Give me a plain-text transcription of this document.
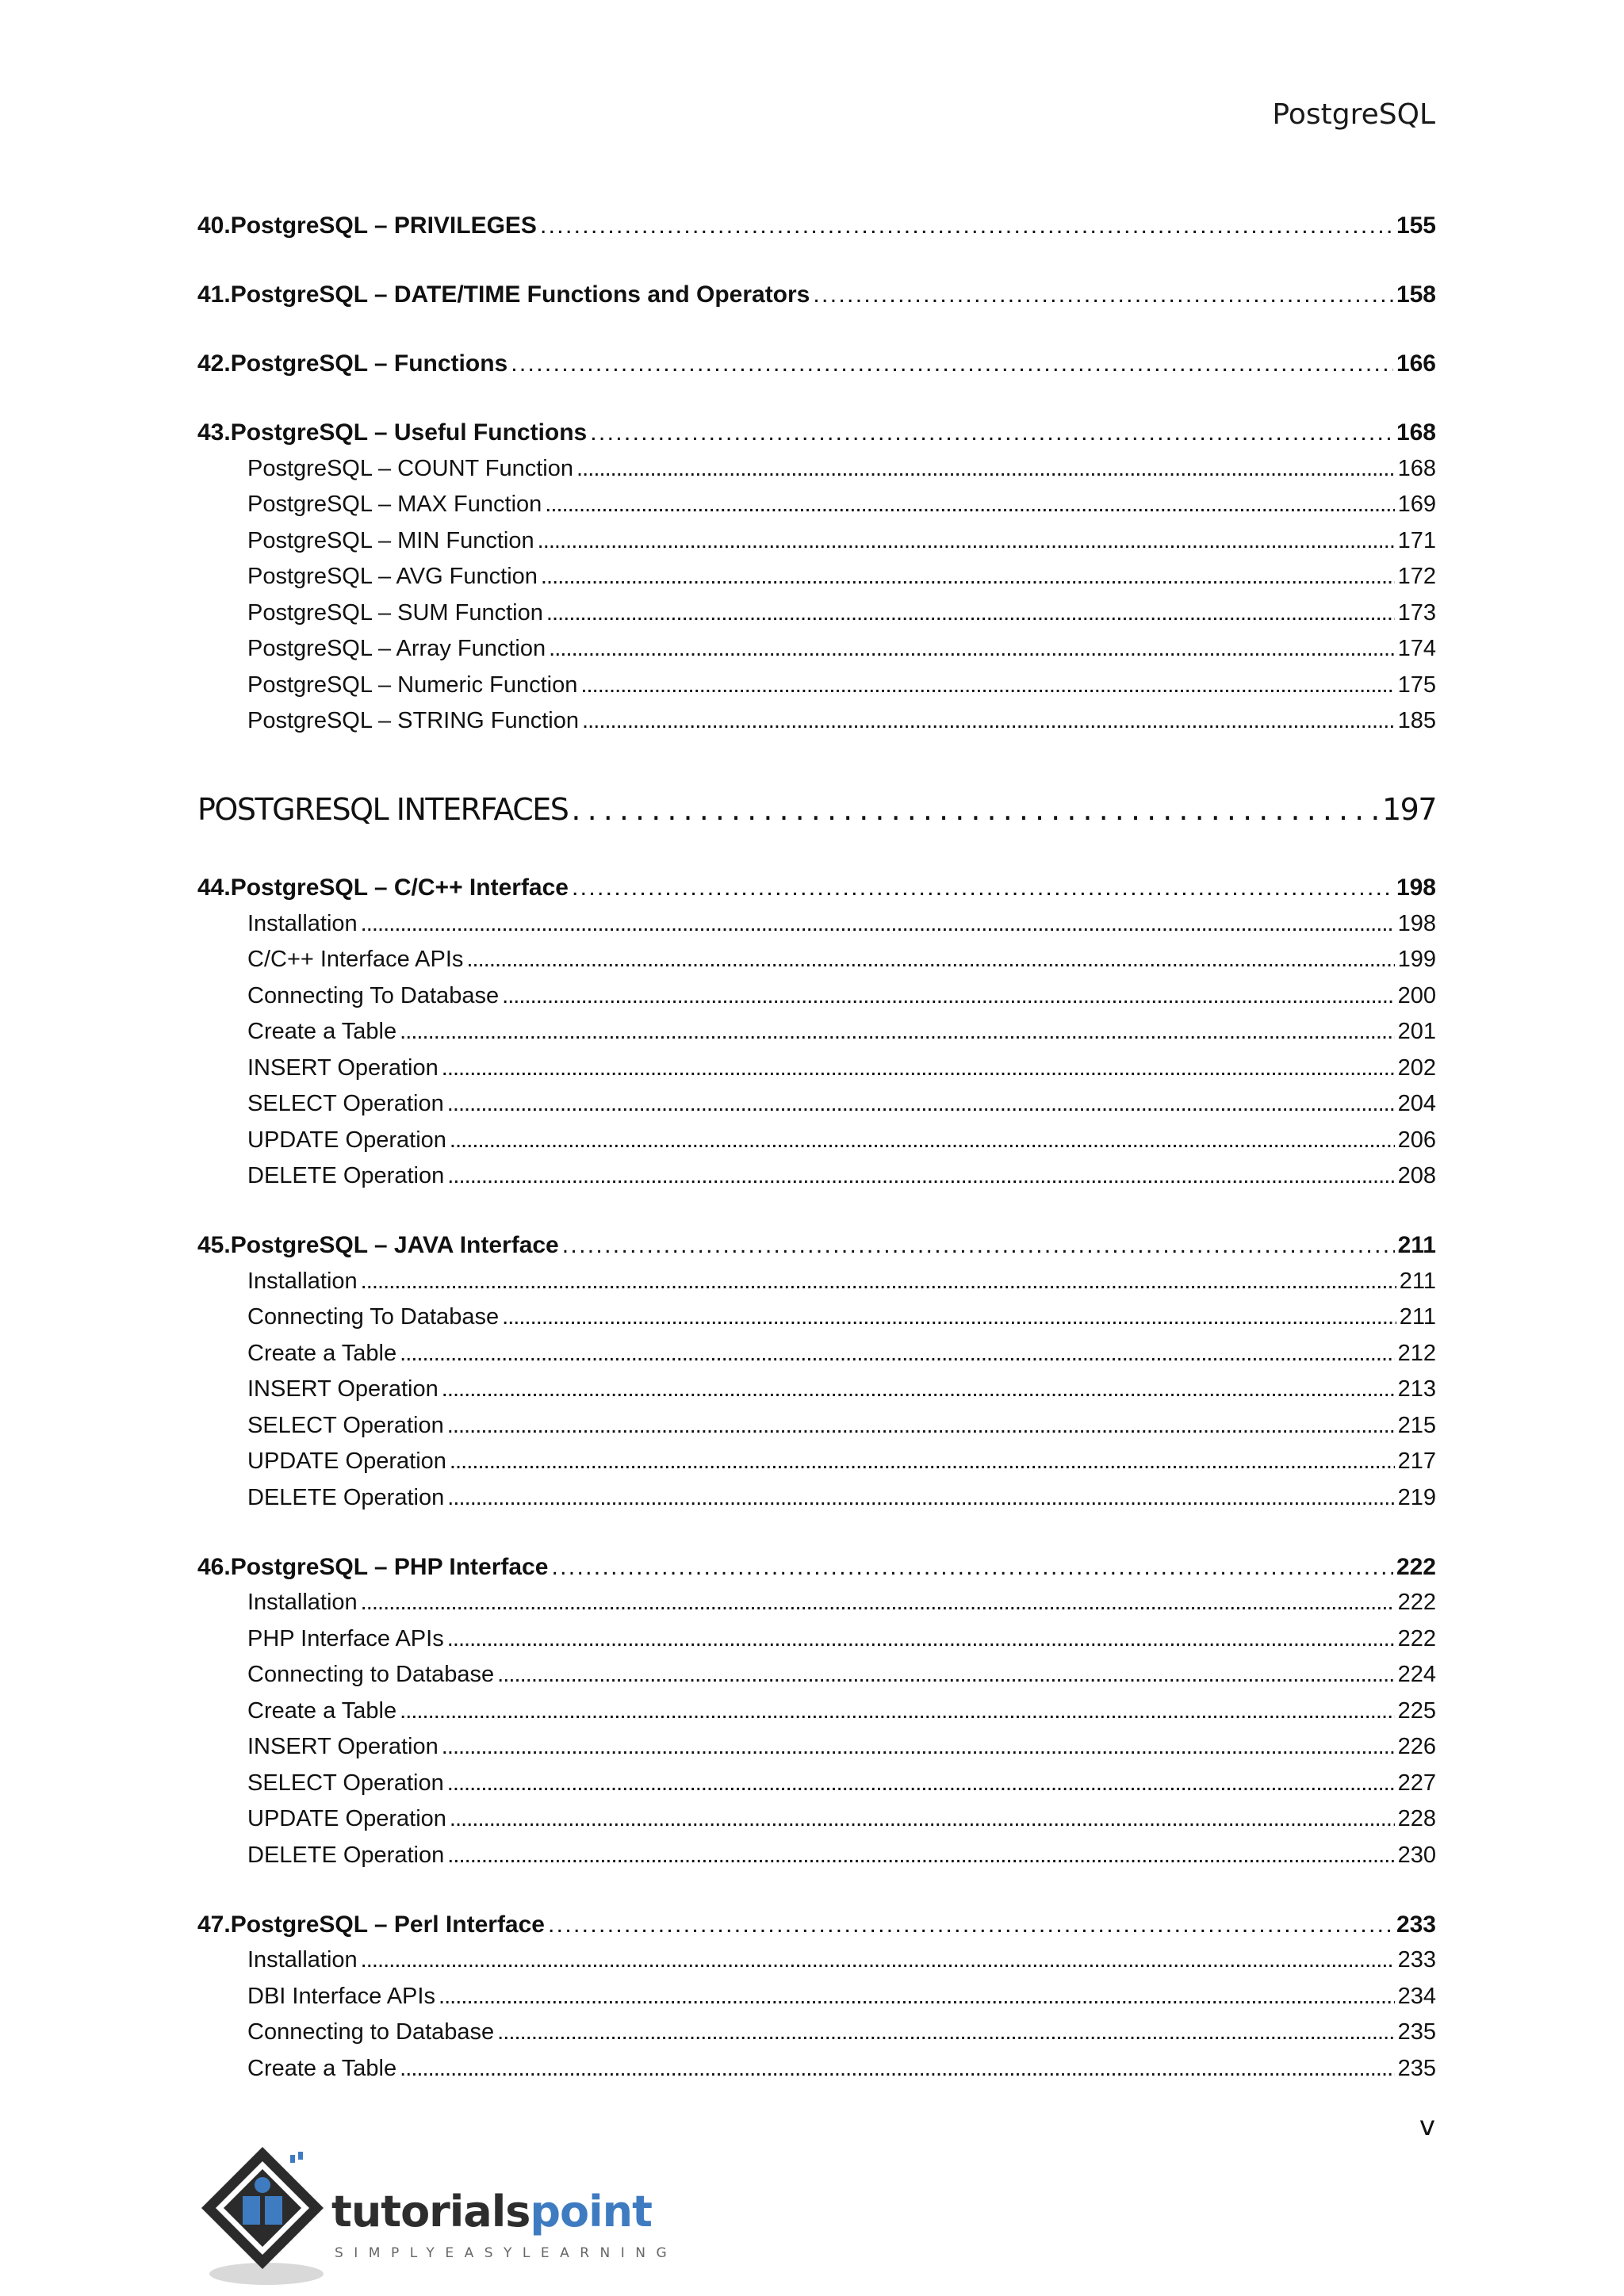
PostgreSQL
40. PostgreSQL – PRIVILEGES . . .	155
41. PostgreSQL – DATE/TIME Functions and Operators . . .	158
42. PostgreSQL – Functions . . .	166
43. PostgreSQL – Useful Functions . . .	168
PostgreSQL – COUNT Function . . .	168
PostgreSQL – MAX Function . . .	169
PostgreSQL – MIN Function . . .	171
PostgreSQL – AVG Function . . .	172
PostgreSQL – SUM Function . . .	173
PostgreSQL – Array Function . . .	174
PostgreSQL – Numeric Function . . .	175
PostgreSQL – STRING Function . . .	185
POSTGRESQL INTERFACES . . .	197
44. PostgreSQL – C/C++ Interface . . .	198
Installation . . .	198
C/C++ Interface APIs . . .	199
Connecting To Database . . .	200
Create a Table . . .	201
INSERT Operation . . .	202
SELECT Operation . . .	204
UPDATE Operation . . .	206
DELETE Operation . . .	208
45. PostgreSQL – JAVA Interface . . .	211
Installation . . .	211
Connecting To Database . . .	211
Create a Table . . .	212
INSERT Operation . . .	213
SELECT Operation . . .	215
UPDATE Operation . . .	217
DELETE Operation . . .	219
46. PostgreSQL – PHP Interface . . .	222
Installation . . .	222
PHP Interface APIs . . .	222
Connecting to Database . . .	224
Create a Table . . .	225
INSERT Operation . . .	226
SELECT Operation . . .	227
UPDATE Operation . . .	228
DELETE Operation . . .	230
47. PostgreSQL – Perl Interface . . .	233
Installation . . .	233
DBI Interface APIs . . .	234
Connecting to Database . . .	235
Create a Table . . .	235
v
tutorialspoint
SIMPLYEASYLEARNING
